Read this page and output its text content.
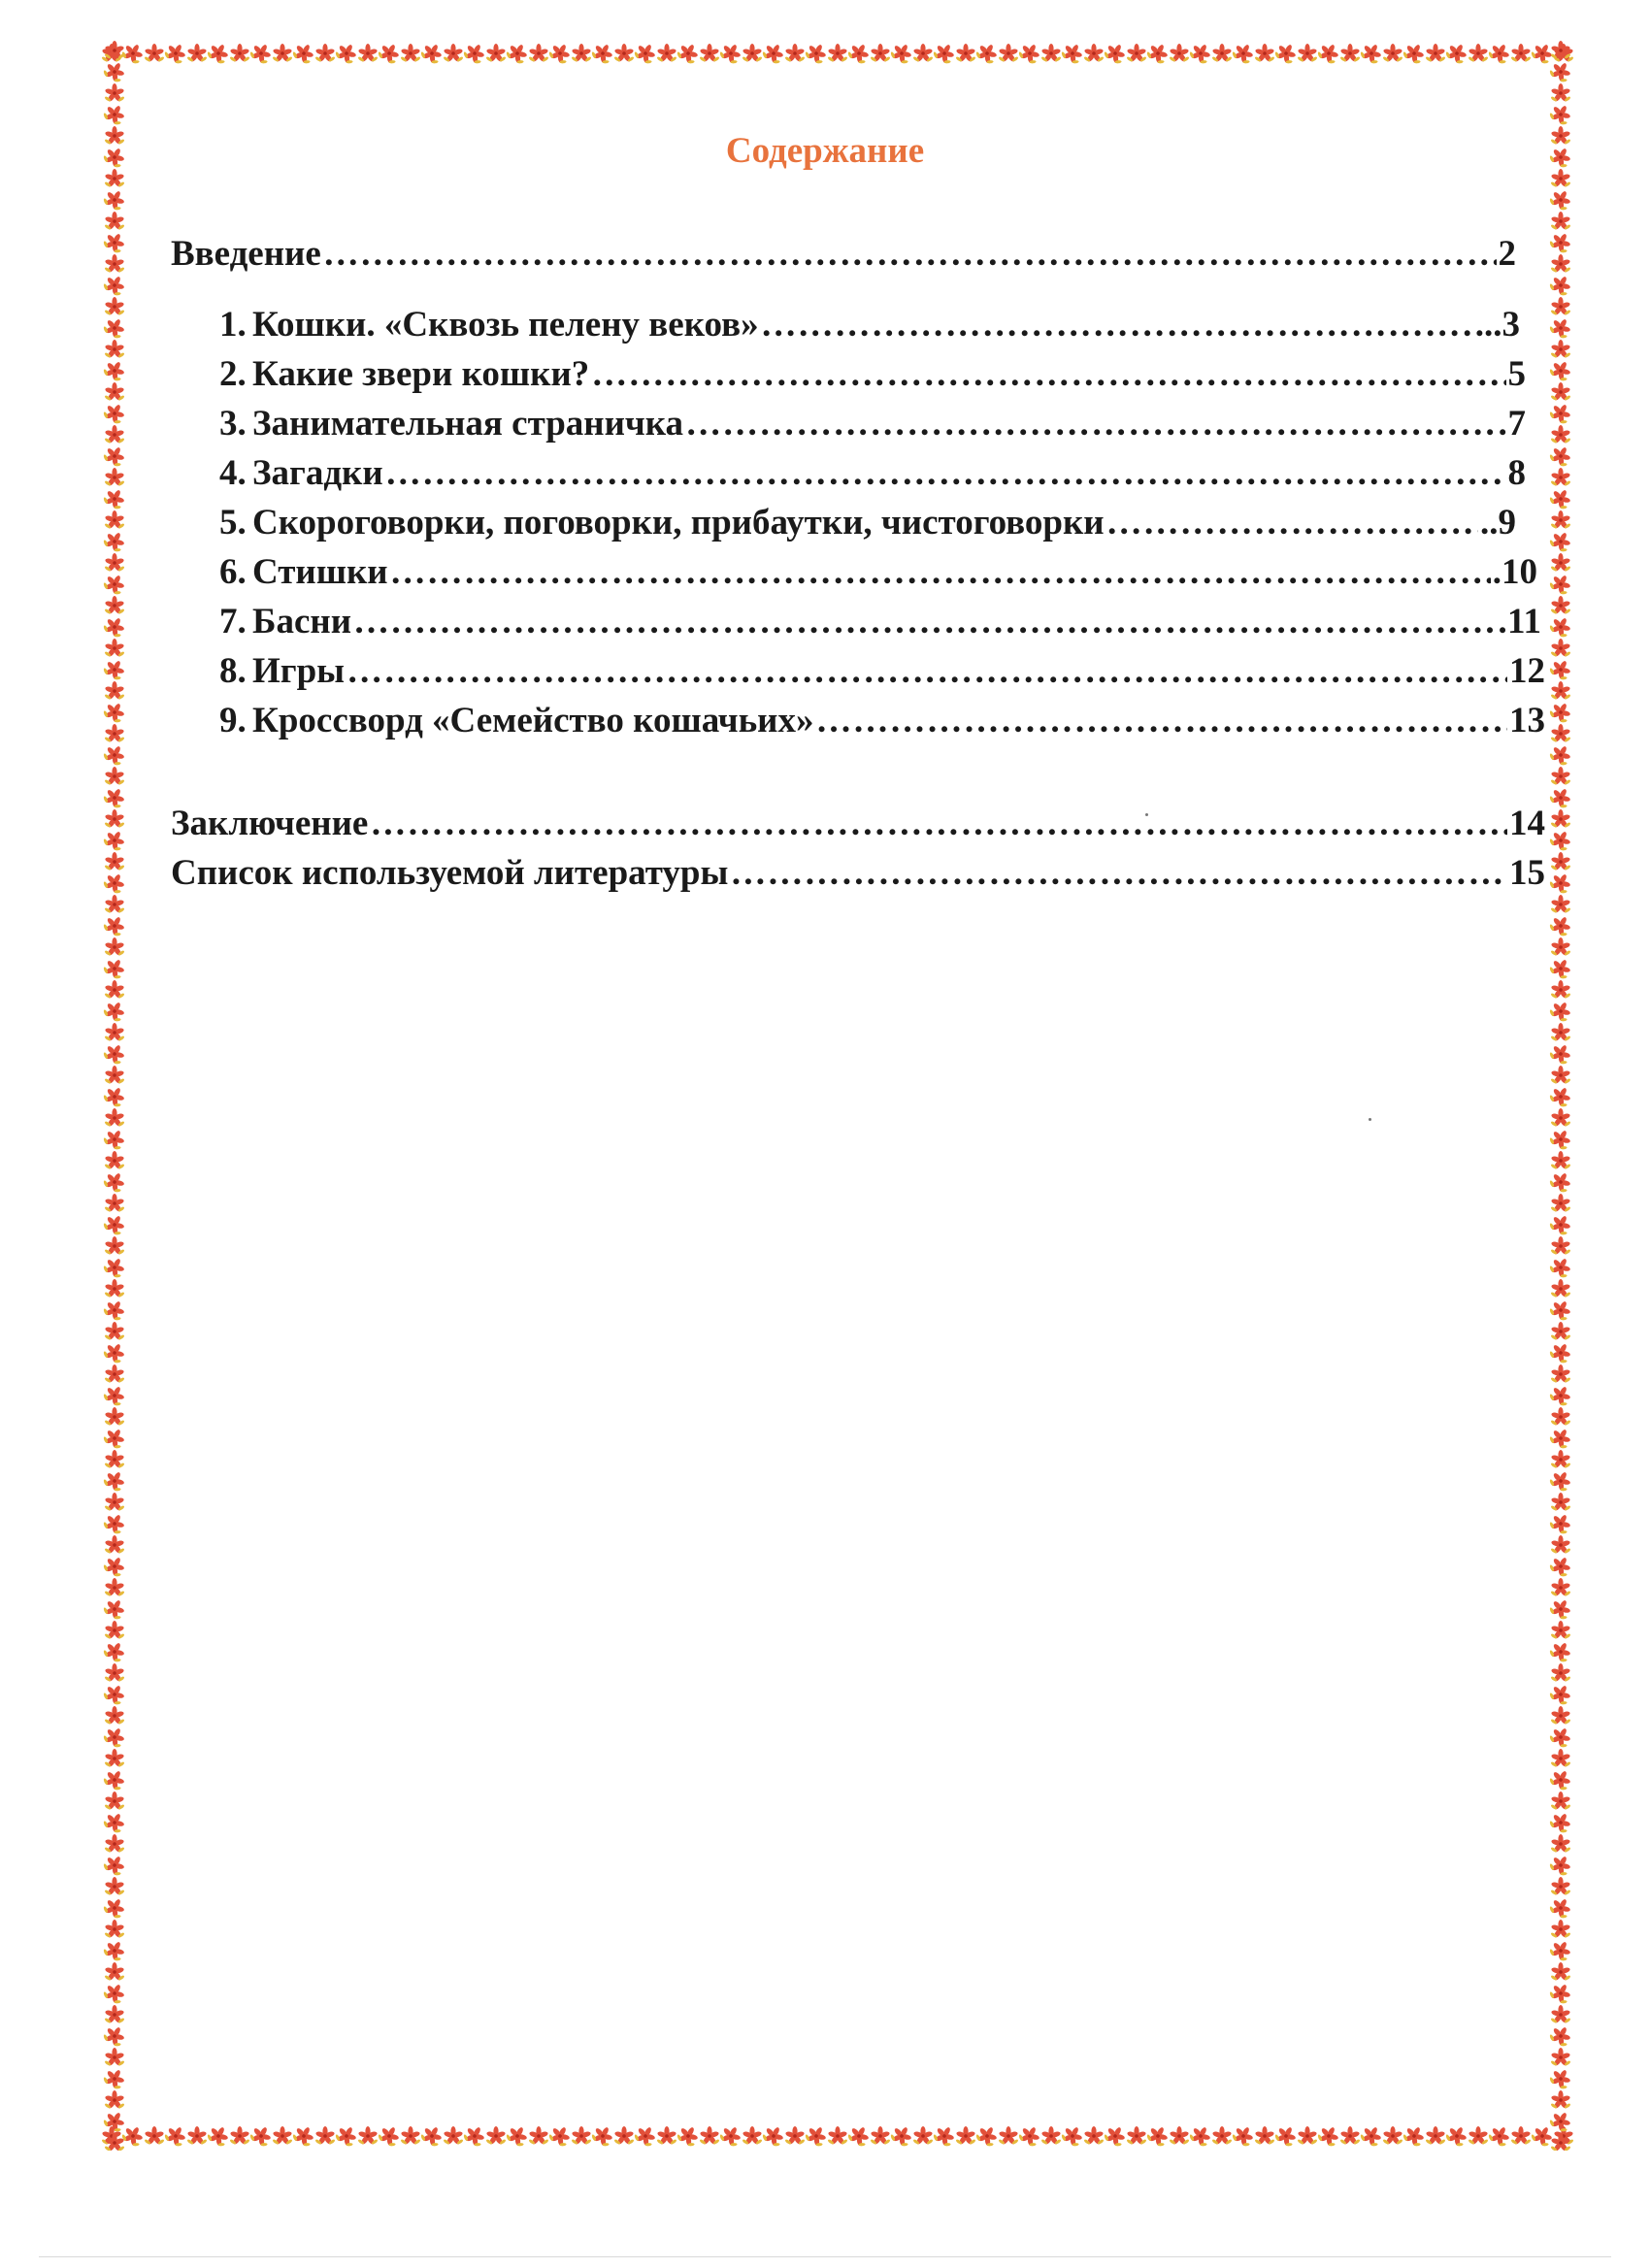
Содержание
Введение ……………………………………………………………………………………………………………………………………………………	2
1. Кошки. «Сквозь пелену веков» ……………………………………………………………………………………………………………………………………………………	...3
2. Какие звери кошки? ……………………………………………………………………………………………………………………………………………………	5
3. Занимательная страничка ……………………………………………………………………………………………………………………………………………………	7
4. Загадки ……………………………………………………………………………………………………………………………………………………	8
5. Скороговорки, поговорки, прибаутки, чистоговорки ……………………………………………………………………………………………………………………………………………………	..9
6. Стишки ……………………………………………………………………………………………………………………………………………………	.10
7. Басни ……………………………………………………………………………………………………………………………………………………	11
8. Игры ……………………………………………………………………………………………………………………………………………………	12
9. Кроссворд «Семейство кошачьих» ……………………………………………………………………………………………………………………………………………………	13
Заключение ……………………………………………………………………………………………………………………………………………………	14
Список используемой литературы ……………………………………………………………………………………………………………………………………………………	15
